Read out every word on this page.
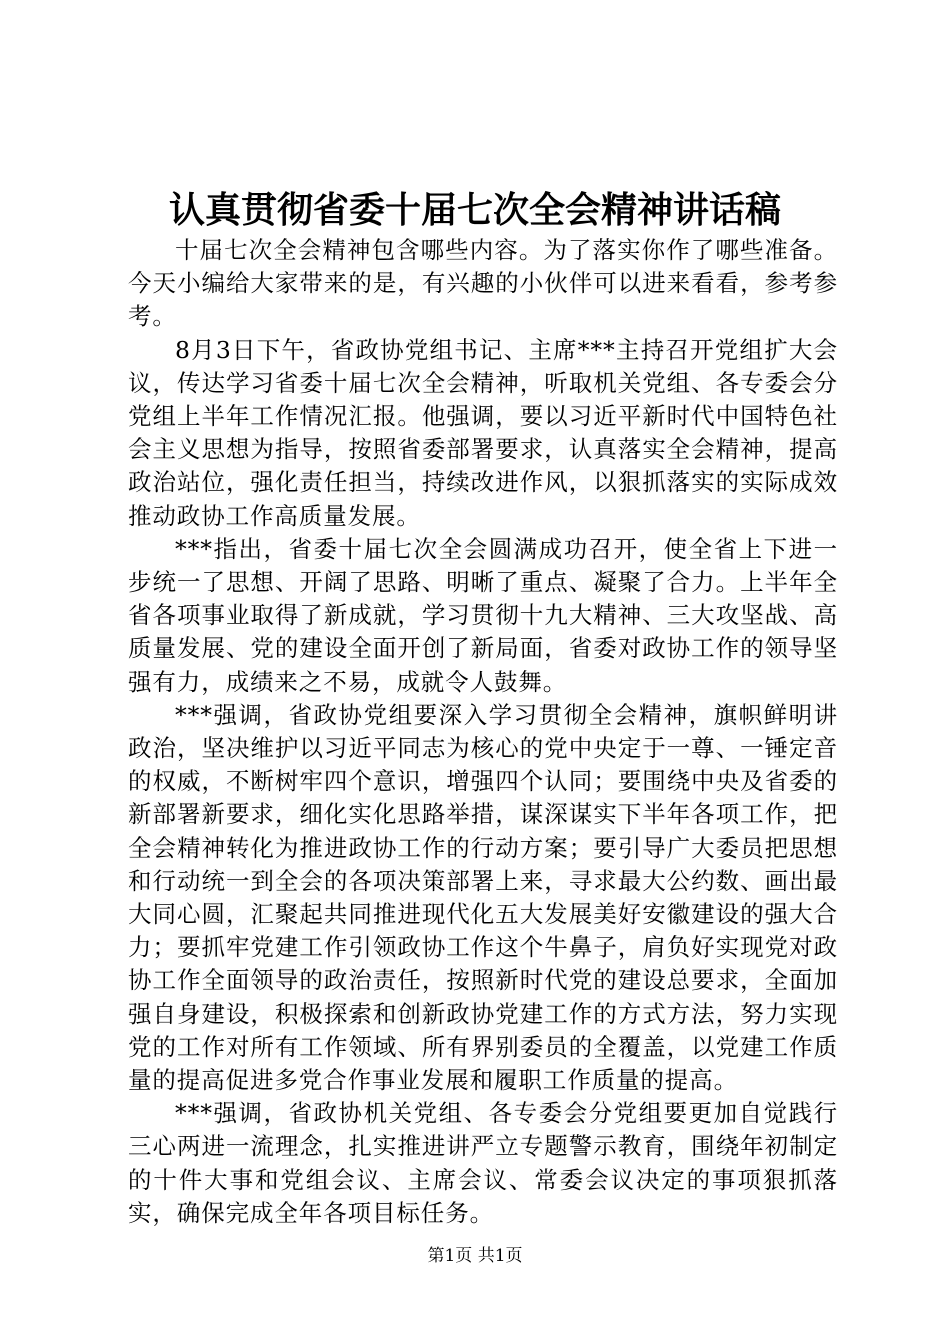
认真贯彻省委十届七次全会精神讲话稿

十届七次全会精神包含哪些内容。为了落实你作了哪些准备。今天小编给大家带来的是，有兴趣的小伙伴可以进来看看，参考参考。

8月3日下午，省政协党组书记、主席***主持召开党组扩大会议，传达学习省委十届七次全会精神，听取机关党组、各专委会分党组上半年工作情况汇报。他强调，要以习近平新时代中国特色社会主义思想为指导，按照省委部署要求，认真落实全会精神，提高政治站位，强化责任担当，持续改进作风，以狠抓落实的实际成效推动政协工作高质量发展。

***指出，省委十届七次全会圆满成功召开，使全省上下进一步统一了思想、开阔了思路、明晰了重点、凝聚了合力。上半年全省各项事业取得了新成就，学习贯彻十九大精神、三大攻坚战、高质量发展、党的建设全面开创了新局面，省委对政协工作的领导坚强有力，成绩来之不易，成就令人鼓舞。

***强调，省政协党组要深入学习贯彻全会精神，旗帜鲜明讲政治，坚决维护以习近平同志为核心的党中央定于一尊、一锤定音的权威，不断树牢四个意识，增强四个认同；要围绕中央及省委的新部署新要求，细化实化思路举措，谋深谋实下半年各项工作，把全会精神转化为推进政协工作的行动方案；要引导广大委员把思想和行动统一到全会的各项决策部署上来，寻求最大公约数、画出最大同心圆，汇聚起共同推进现代化五大发展美好安徽建设的强大合力；要抓牢党建工作引领政协工作这个牛鼻子，肩负好实现党对政协工作全面领导的政治责任，按照新时代党的建设总要求，全面加强自身建设，积极探索和创新政协党建工作的方式方法，努力实现党的工作对所有工作领域、所有界别委员的全覆盖，以党建工作质量的提高促进多党合作事业发展和履职工作质量的提高。

***强调，省政协机关党组、各专委会分党组要更加自觉践行三心两进一流理念，扎实推进讲严立专题警示教育，围绕年初制定的十件大事和党组会议、主席会议、常委会议决定的事项狠抓落实，确保完成全年各项目标任务。

第1页 共1页
